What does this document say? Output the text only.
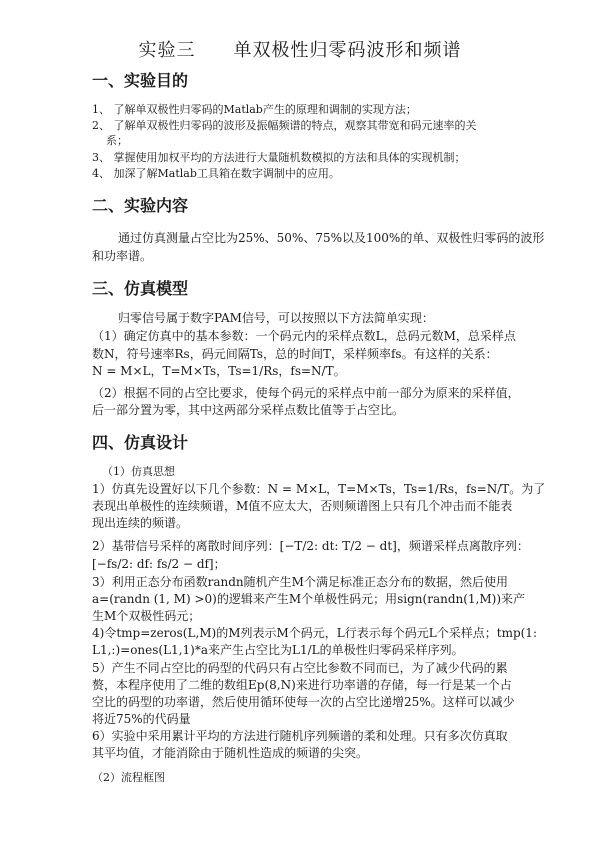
实验三　　单双极性归零码波形和频谱
一、实验目的
1、 了解单双极性归零码的Matlab产生的原理和调制的实现方法；
2、 了解单双极性归零码的波形及振幅频谱的特点，观察其带宽和码元速率的关
系；
3、 掌握使用加权平均的方法进行大量随机数模拟的方法和具体的实现机制；
4、 加深了解Matlab工具箱在数字调制中的应用。
二、实验内容
通过仿真测量占空比为25%、50%、75%以及100%的单、双极性归零码的波形
和功率谱。
三、仿真模型
归零信号属于数字PAM信号，可以按照以下方法简单实现：
（1）确定仿真中的基本参数：一个码元内的采样点数L，总码元数M，总采样点
数N，符号速率Rs，码元间隔Ts，总的时间T，采样频率fs。有这样的关系：
N = M×L，T=M×Ts，Ts=1/Rs，fs=N/T。
（2）根据不同的占空比要求，使每个码元的采样点中前一部分为原来的采样值，
后一部分置为零，其中这两部分采样点数比值等于占空比。
四、仿真设计
（1）仿真思想
1）仿真先设置好以下几个参数：N = M×L，T=M×Ts，Ts=1/Rs，fs=N/T。为了
表现出单极性的连续频谱，M值不应太大，否则频谱图上只有几个冲击而不能表
现出连续的频谱。
2）基带信号采样的离散时间序列：[−T/2: dt: T/2 − dt]，频谱采样点离散序列：
[−fs/2: df: fs/2 − df]；
3）利用正态分布函数randn随机产生M个满足标准正态分布的数据，然后使用
a=(randn (1, M) >0)的逻辑来产生M个单极性码元；用sign(randn(1,M))来产
生M个双极性码元；
4)令tmp=zeros(L,M)的M列表示M个码元，L行表示每个码元L个采样点；tmp(1:
L1,:)=ones(L1,1)*a来产生占空比为L1/L的单极性归零码采样序列。
5）产生不同占空比的码型的代码只有占空比参数不同而已，为了减少代码的累
赘，本程序使用了二维的数组Ep(8,N)来进行功率谱的存储，每一行是某一个占
空比的码型的功率谱，然后使用循环使每一次的占空比递增25%。这样可以减少
将近75%的代码量
6）实验中采用累计平均的方法进行随机序列频谱的柔和处理。只有多次仿真取
其平均值，才能消除由于随机性造成的频谱的尖突。
（2）流程框图
